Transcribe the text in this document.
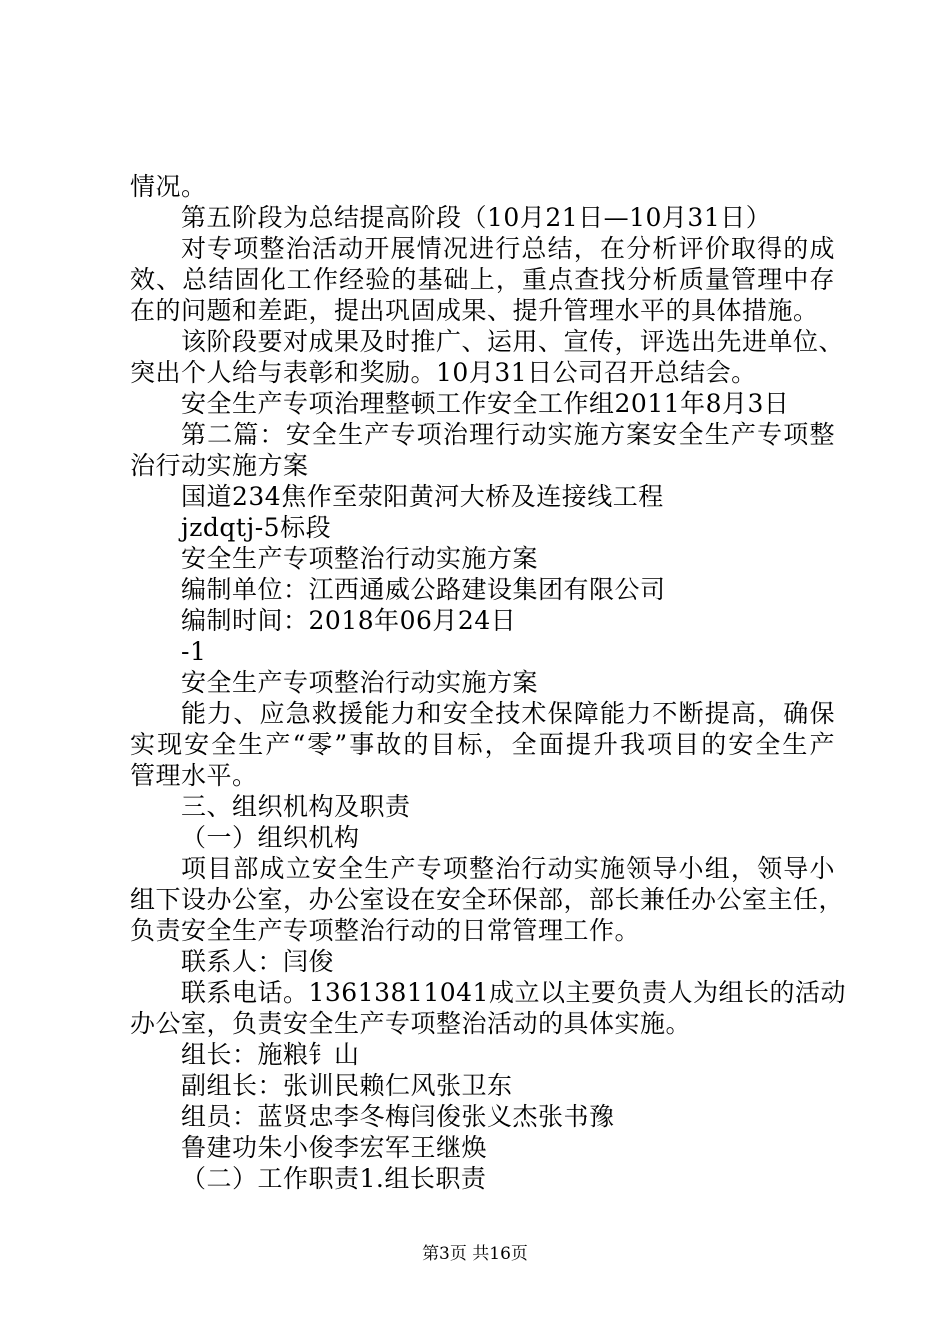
情况。

第五阶段为总结提高阶段（10月21日—10月31日）

对专项整治活动开展情况进行总结，在分析评价取得的成

效、总结固化工作经验的基础上，重点查找分析质量管理中存

在的问题和差距，提出巩固成果、提升管理水平的具体措施。

该阶段要对成果及时推广、运用、宣传，评选出先进单位、

突出个人给与表彰和奖励。10月31日公司召开总结会。

安全生产专项治理整顿工作安全工作组2011年8月3日

第二篇：安全生产专项治理行动实施方案安全生产专项整

治行动实施方案

国道234焦作至荥阳黄河大桥及连接线工程

jzdqtj-5标段

安全生产专项整治行动实施方案

编制单位：江西通威公路建设集团有限公司

编制时间：2018年06月24日

-1

安全生产专项整治行动实施方案

能力、应急救援能力和安全技术保障能力不断提高，确保

实现安全生产“零”事故的目标，全面提升我项目的安全生产

管理水平。

三、组织机构及职责

（一）组织机构

项目部成立安全生产专项整治行动实施领导小组，领导小

组下设办公室，办公室设在安全环保部，部长兼任办公室主任，

负责安全生产专项整治行动的日常管理工作。

联系人：闫俊

联系电话。13613811041成立以主要负责人为组长的活动

办公室，负责安全生产专项整治活动的具体实施。

组长：施粮钅山

副组长：张训民赖仁风张卫东

组员：蓝贤忠李冬梅闫俊张义杰张书豫

鲁建功朱小俊李宏军王继焕

（二）工作职责1.组长职责

第3页 共16页
